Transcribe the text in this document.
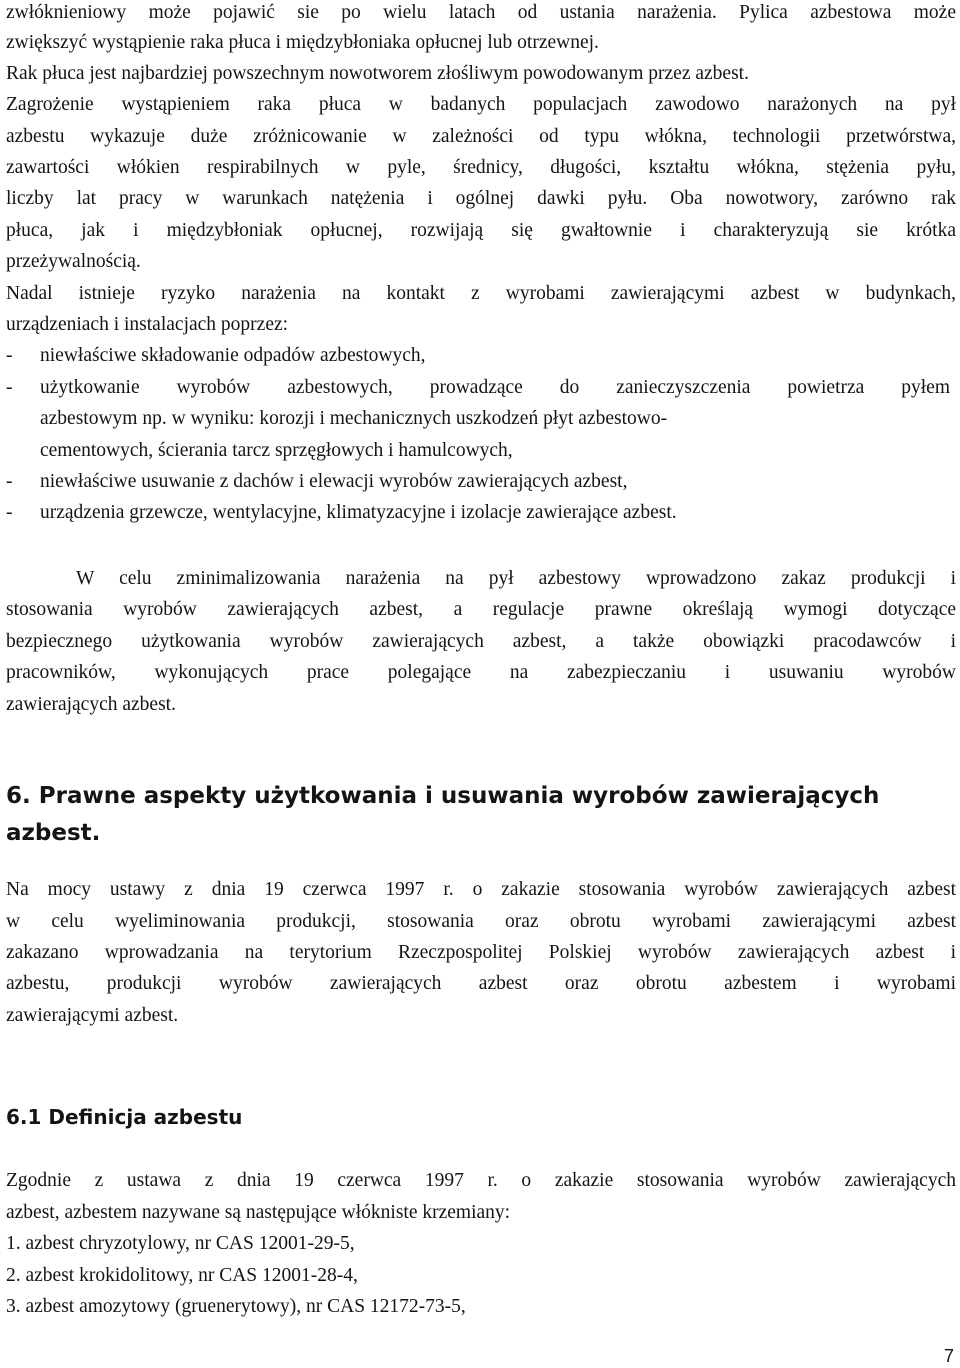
zwłóknieniowy może pojawić sie po wielu latach od ustania narażenia. Pylica azbestowa może

zwiększyć wystąpienie raka płuca i międzybłoniaka opłucnej lub otrzewnej.

Rak płuca jest najbardziej powszechnym nowotworem złośliwym powodowanym przez azbest.

Zagrożenie wystąpieniem raka płuca w badanych populacjach zawodowo narażonych na pył

azbestu wykazuje duże zróżnicowanie w zależności od typu włókna, technologii przetwórstwa,

zawartości włókien respirabilnych w pyle, średnicy, długości, kształtu włókna, stężenia pyłu,

liczby lat pracy w warunkach natężenia i ogólnej dawki pyłu. Oba nowotwory, zarówno rak

płuca, jak i międzybłoniak opłucnej, rozwijają się gwałtownie i charakteryzują sie krótka

przeżywalnością.

Nadal istnieje ryzyko narażenia na kontakt z wyrobami zawierającymi azbest w budynkach,

urządzeniach i instalacjach poprzez:

-	niewłaściwe składowanie odpadów azbestowych,

-	użytkowanie wyrobów azbestowych, prowadzące do zanieczyszczenia powietrza pyłem

azbestowym np. w wyniku: korozji i mechanicznych uszkodzeń płyt azbestowo-

cementowych, ścierania tarcz sprzęgłowych i hamulcowych,

-	niewłaściwe usuwanie z dachów i elewacji wyrobów zawierających azbest,

-	urządzenia grzewcze, wentylacyjne, klimatyzacyjne i izolacje zawierające azbest.

W celu zminimalizowania narażenia na pył azbestowy wprowadzono zakaz produkcji i

stosowania wyrobów zawierających azbest, a regulacje prawne określają wymogi dotyczące

bezpiecznego użytkowania wyrobów zawierających azbest, a także obowiązki pracodawców i

pracowników, wykonujących prace polegające na zabezpieczaniu i usuwaniu wyrobów

zawierających azbest.

6. Prawne aspekty użytkowania i usuwania wyrobów zawierających
azbest.

Na mocy ustawy z dnia 19 czerwca 1997 r. o zakazie stosowania wyrobów zawierających azbest

w celu wyeliminowania produkcji, stosowania oraz obrotu wyrobami zawierającymi azbest

zakazano wprowadzania na terytorium Rzeczpospolitej Polskiej wyrobów zawierających azbest i

azbestu, produkcji wyrobów zawierających azbest oraz obrotu azbestem i wyrobami

zawierającymi azbest.

6.1 Definicja azbestu

Zgodnie z ustawa z dnia 19 czerwca 1997 r. o zakazie stosowania wyrobów zawierających

azbest, azbestem nazywane są następujące włókniste krzemiany:

1. azbest chryzotylowy, nr CAS 12001-29-5,

2. azbest krokidolitowy, nr CAS 12001-28-4,

3. azbest amozytowy (gruenerytowy), nr CAS 12172-73-5,

7
